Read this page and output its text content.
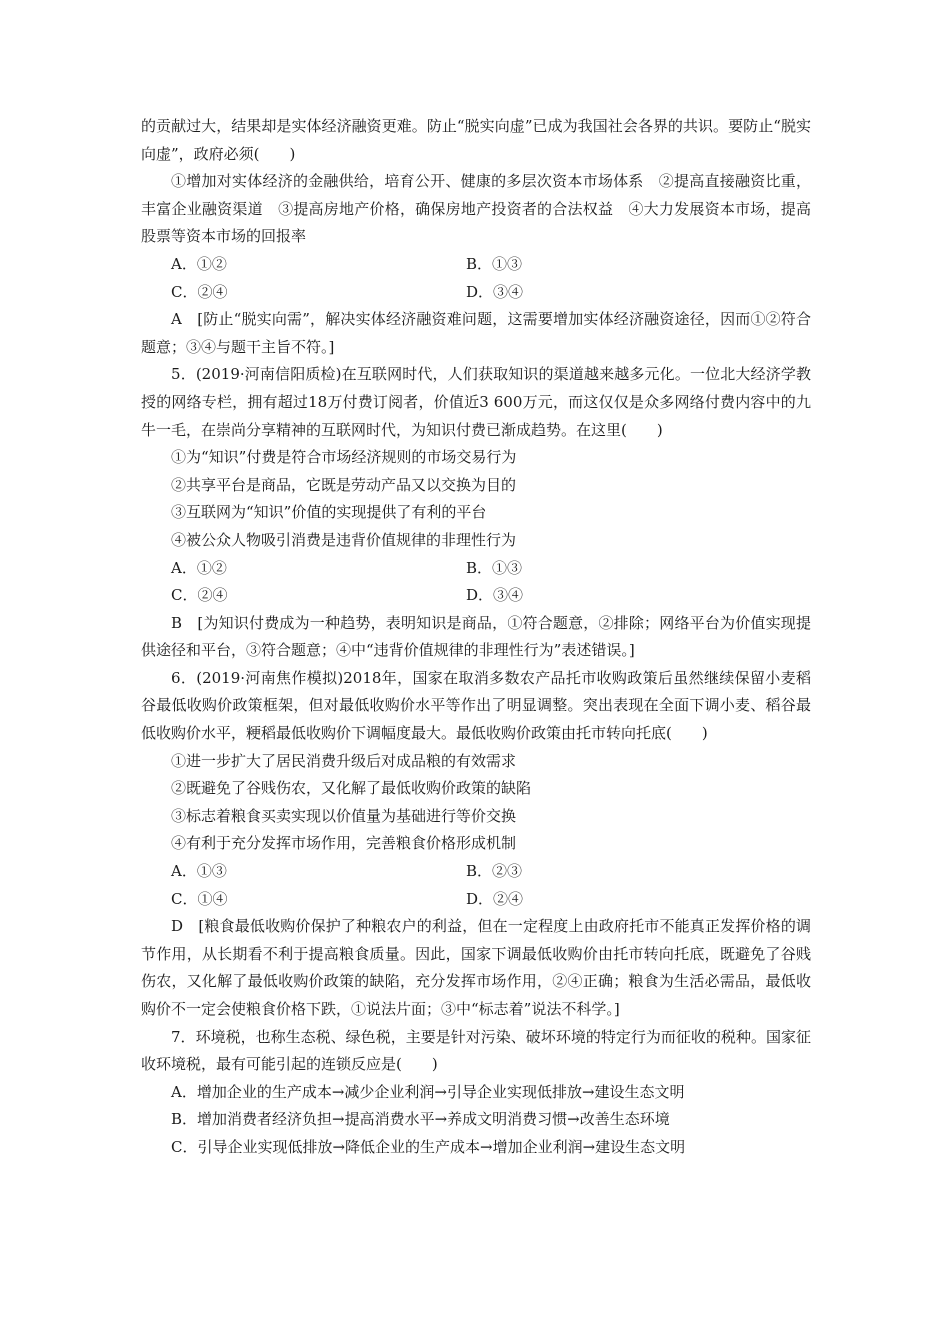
的贡献过大，结果却是实体经济融资更难。防止“脱实向虚”已成为我国社会各界的共识。要防止“脱实向虚”，政府必须(　　)

①增加对实体经济的金融供给，培育公开、健康的多层次资本市场体系　②提高直接融资比重，丰富企业融资渠道　③提高房地产价格，确保房地产投资者的合法权益　④大力发展资本市场，提高股票等资本市场的回报率

A．①②	B．①③
C．②④	D．③④

A　[防止“脱实向需”，解决实体经济融资难问题，这需要增加实体经济融资途径，因而①②符合题意；③④与题干主旨不符。]

5．(2019·河南信阳质检)在互联网时代，人们获取知识的渠道越来越多元化。一位北大经济学教授的网络专栏，拥有超过18万付费订阅者，价值近3 600万元，而这仅仅是众多网络付费内容中的九牛一毛，在崇尚分享精神的互联网时代，为知识付费已渐成趋势。在这里(　　)

①为“知识”付费是符合市场经济规则的市场交易行为

②共享平台是商品，它既是劳动产品又以交换为目的

③互联网为“知识”价值的实现提供了有利的平台

④被公众人物吸引消费是违背价值规律的非理性行为

A．①②	B．①③
C．②④	D．③④

B　[为知识付费成为一种趋势，表明知识是商品，①符合题意，②排除；网络平台为价值实现提供途径和平台，③符合题意；④中“违背价值规律的非理性行为”表述错误。]

6．(2019·河南焦作模拟)2018年，国家在取消多数农产品托市收购政策后虽然继续保留小麦稻谷最低收购价政策框架，但对最低收购价水平等作出了明显调整。突出表现在全面下调小麦、稻谷最低收购价水平，粳稻最低收购价下调幅度最大。最低收购价政策由托市转向托底(　　)

①进一步扩大了居民消费升级后对成品粮的有效需求

②既避免了谷贱伤农，又化解了最低收购价政策的缺陷

③标志着粮食买卖实现以价值量为基础进行等价交换

④有利于充分发挥市场作用，完善粮食价格形成机制

A．①③	B．②③
C．①④	D．②④

D　[粮食最低收购价保护了种粮农户的利益，但在一定程度上由政府托市不能真正发挥价格的调节作用，从长期看不利于提高粮食质量。因此，国家下调最低收购价由托市转向托底，既避免了谷贱伤农，又化解了最低收购价政策的缺陷，充分发挥市场作用，②④正确；粮食为生活必需品，最低收购价不一定会使粮食价格下跌，①说法片面；③中“标志着”说法不科学。]

7．环境税，也称生态税、绿色税，主要是针对污染、破坏环境的特定行为而征收的税种。国家征收环境税，最有可能引起的连锁反应是(　　)

A．增加企业的生产成本→减少企业利润→引导企业实现低排放→建设生态文明

B．增加消费者经济负担→提高消费水平→养成文明消费习惯→改善生态环境

C．引导企业实现低排放→降低企业的生产成本→增加企业利润→建设生态文明
